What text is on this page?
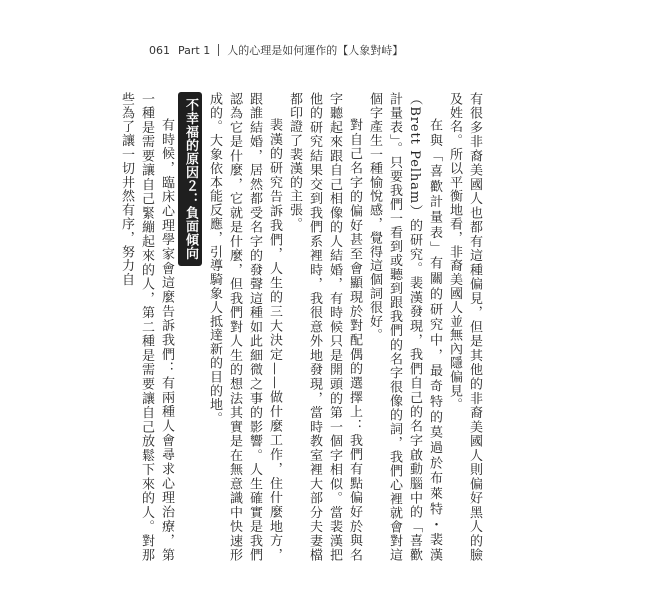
061 Part 1 人的心理是如何運作的【人象對峙】

有很多非裔美國人也都有這種偏見，但是其他的非裔美國人則偏好黑人的臉及姓名。所以平衡地看，非裔美國人並無內隱偏見。

在與「喜歡計量表」有關的研究中，最奇特的莫過於布萊特・裴漢（Brett Pelham）的研究。裴漢發現，我們自己的名字啟動腦中的「喜歡計量表」。只要我們一看到或聽到跟我們的名字很像的詞，我們心裡就會對這個字產生一種愉悅感，覺得這個詞很好。

對自己名字的偏好甚至會顯現於對配偶的選擇上：我們有點偏好於與名字聽起來跟自己相像的人結婚，有時候只是開頭的第一個字相似。當裴漢把他的研究結果交到我們系裡時，我很意外地發現，當時教室裡大部分夫妻檔都印證了裴漢的主張。

裴漢的研究告訴我們，人生的三大決定——做什麼工作，住什麼地方，跟誰結婚，居然都受名字的發聲這種如此細微之事的影響。人生確實是我們認為它是什麼，它就是什麼，但我們對人生的想法其實是在無意識中快速形成的。大象依本能反應，引導騎象人抵達新的目的地。

不幸福的原因２：負面傾向

有時候，臨床心理學家會這麼告訴我們：有兩種人會尋求心理治療，第一種是需要讓自己緊繃起來的人，第二種是需要讓自己放鬆下來的人。對那些為了讓一切井然有序，努力自
